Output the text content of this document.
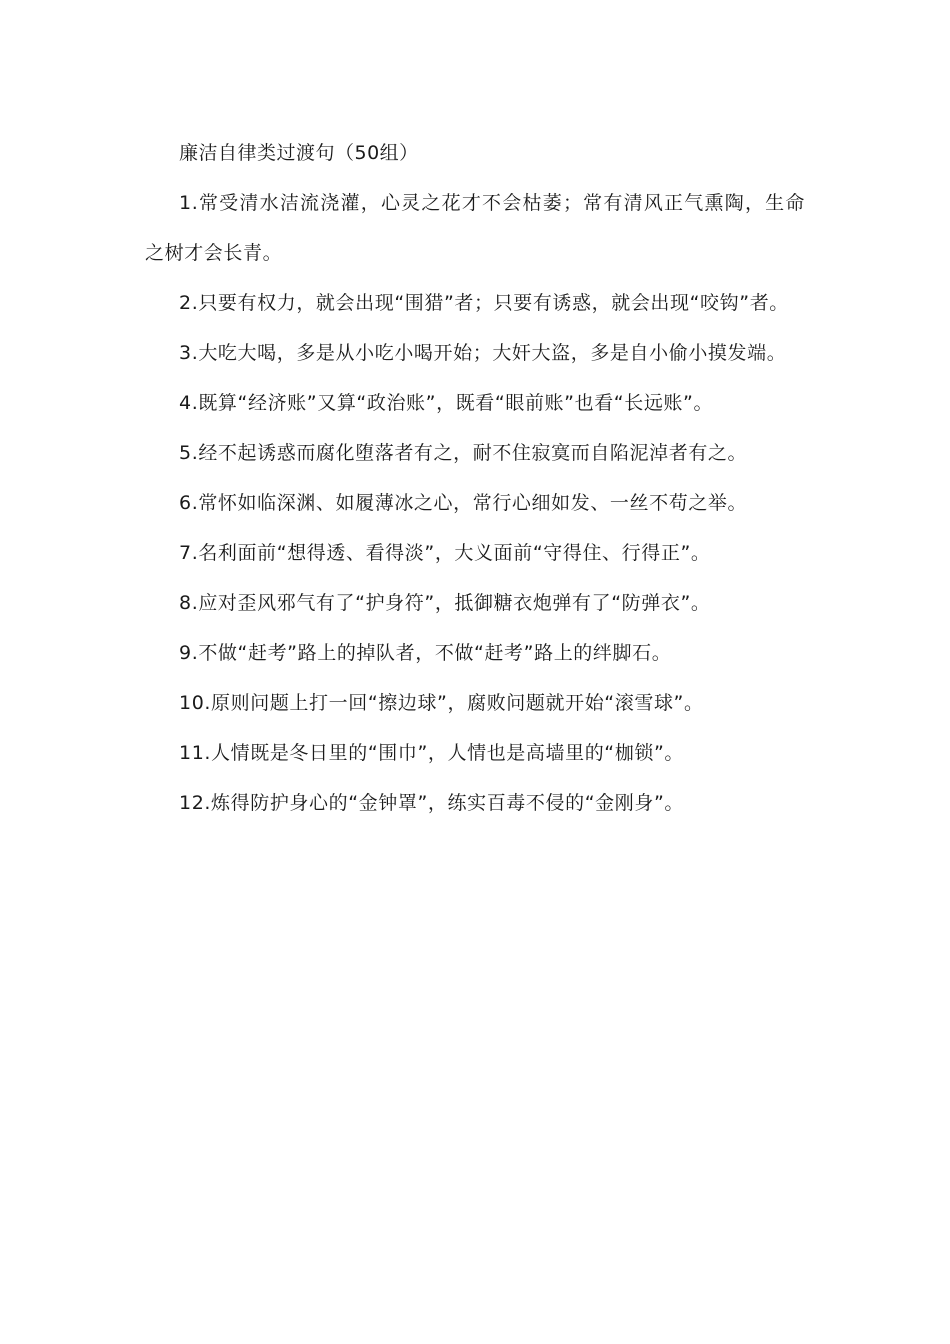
廉洁自律类过渡句（50组）

1.常受清水洁流浇灌，心灵之花才不会枯萎；常有清风正气熏陶，生命之树才会长青。

2.只要有权力，就会出现“围猎”者；只要有诱惑，就会出现“咬钩”者。

3.大吃大喝，多是从小吃小喝开始；大奸大盗，多是自小偷小摸发端。

4.既算“经济账”又算“政治账”，既看“眼前账”也看“长远账”。

5.经不起诱惑而腐化堕落者有之，耐不住寂寞而自陷泥淖者有之。

6.常怀如临深渊、如履薄冰之心，常行心细如发、一丝不苟之举。

7.名利面前“想得透、看得淡”，大义面前“守得住、行得正”。

8.应对歪风邪气有了“护身符”，抵御糖衣炮弹有了“防弹衣”。

9.不做“赶考”路上的掉队者，不做“赶考”路上的绊脚石。

10.原则问题上打一回“擦边球”，腐败问题就开始“滚雪球”。

11.人情既是冬日里的“围巾”，人情也是高墙里的“枷锁”。

12.炼得防护身心的“金钟罩”，练实百毒不侵的“金刚身”。
